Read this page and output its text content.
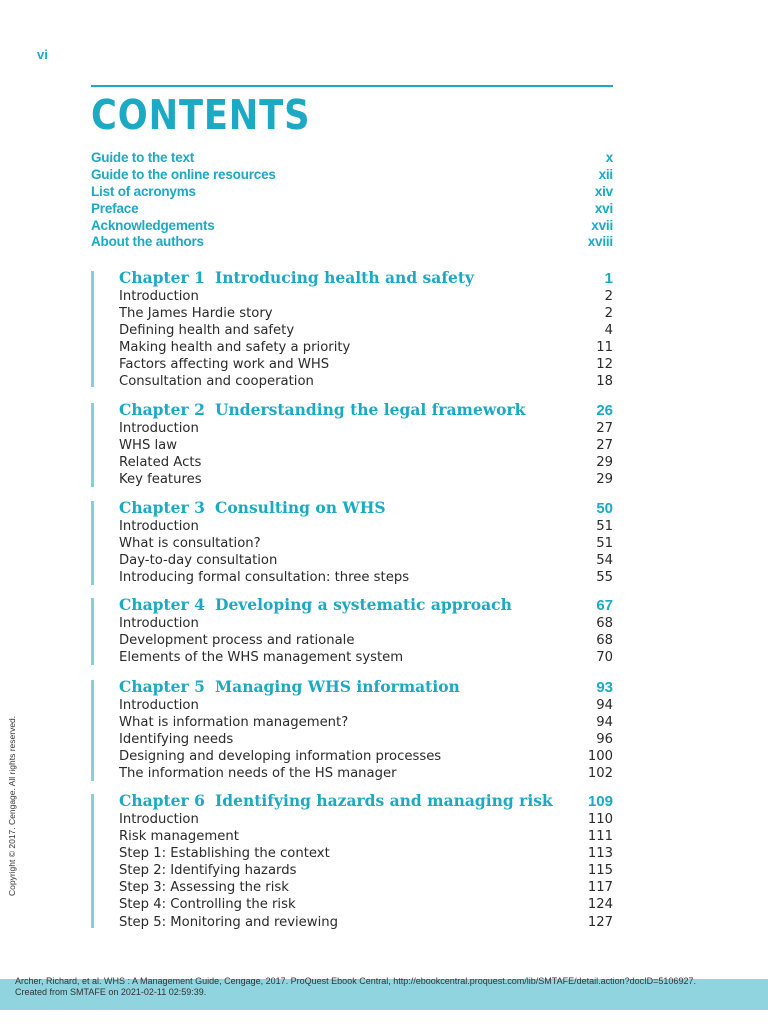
vi
CONTENTS
Guide to the text	x
Guide to the online resources	xii
List of acronyms	xiv
Preface	xvi
Acknowledgements	xvii
About the authors	xviii
Chapter 1 Introducing health and safety	1
Introduction	2
The James Hardie story	2
Defining health and safety	4
Making health and safety a priority	11
Factors affecting work and WHS	12
Consultation and cooperation	18
Chapter 2 Understanding the legal framework	26
Introduction	27
WHS law	27
Related Acts	29
Key features	29
Chapter 3 Consulting on WHS	50
Introduction	51
What is consultation?	51
Day-to-day consultation	54
Introducing formal consultation: three steps	55
Chapter 4 Developing a systematic approach	67
Introduction	68
Development process and rationale	68
Elements of the WHS management system	70
Chapter 5 Managing WHS information	93
Introduction	94
What is information management?	94
Identifying needs	96
Designing and developing information processes	100
The information needs of the HS manager	102
Chapter 6 Identifying hazards and managing risk	109
Introduction	110
Risk management	111
Step 1: Establishing the context	113
Step 2: Identifying hazards	115
Step 3: Assessing the risk	117
Step 4: Controlling the risk	124
Step 5: Monitoring and reviewing	127
Copyright © 2017. Cengage. All rights reserved.
Archer, Richard, et al. WHS : A Management Guide, Cengage, 2017. ProQuest Ebook Central, http://ebookcentral.proquest.com/lib/SMTAFE/detail.action?docID=5106927.
Created from SMTAFE on 2021-02-11 02:59:39.
